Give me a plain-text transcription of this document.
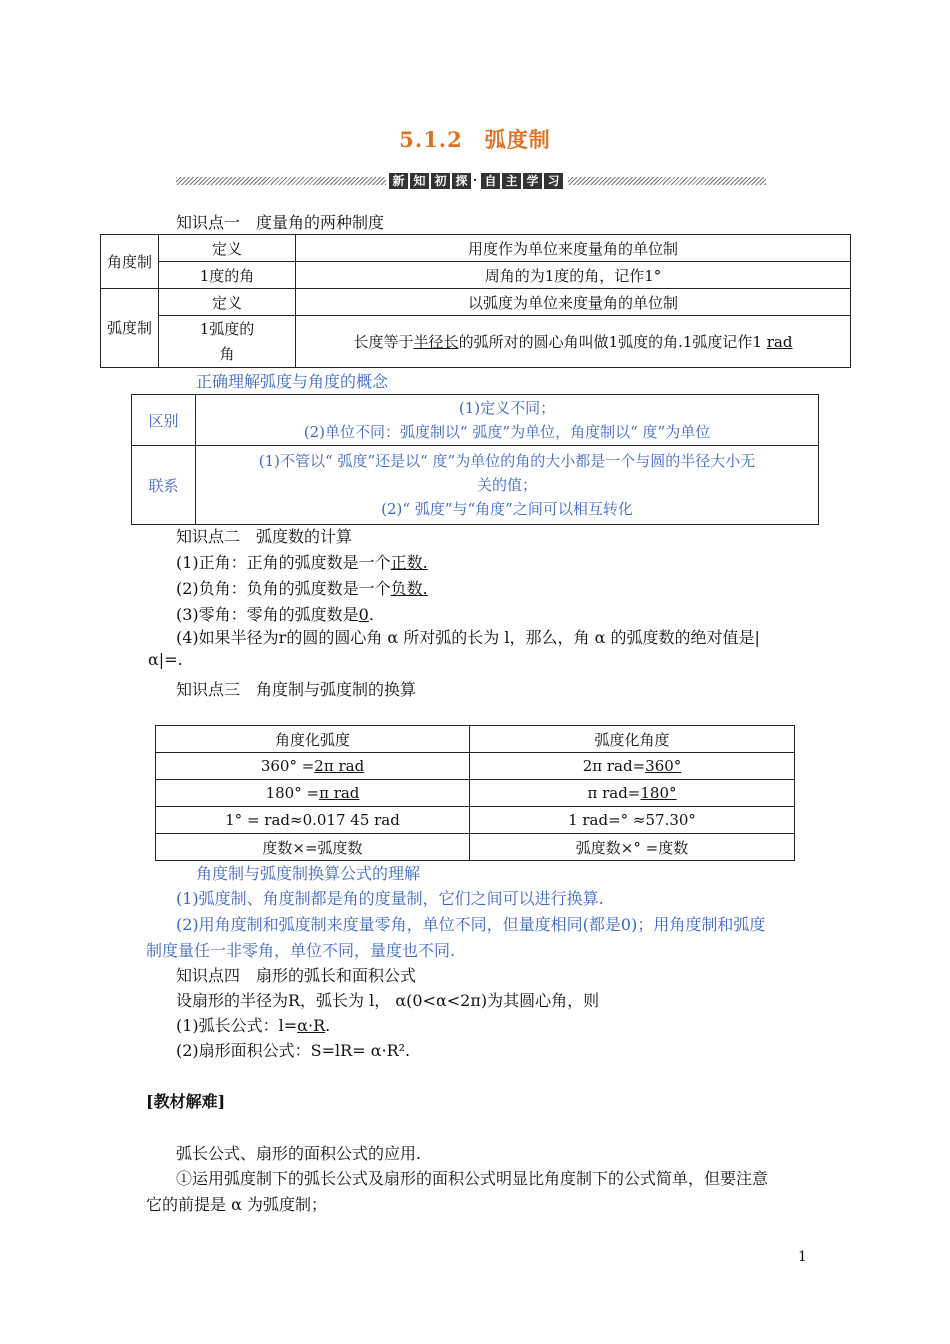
5.1.2　弧度制
新 知 初 探 · 自 主 学 习
知识点一　度量角的两种制度
角度制	定义	用度作为单位来度量角的单位制
	1度的角	周角的为1度的角，记作1°
弧度制	定义	以弧度为单位来度量角的单位制
	1弧度的角	长度等于半径长的弧所对的圆心角叫做1弧度的角.1弧度记作1 rad
正确理解弧度与角度的概念
区别	(1)定义不同；
(2)单位不同：弧度制以“ 弧度”为单位，角度制以“ 度”为单位

联系	(1)不管以“ 弧度”还是以“ 度”为单位的角的大小都是一个与圆的半径大小无
关的值；
(2)“ 弧度”与“角度”之间可以相互转化
知识点二　弧度数的计算
(1)正角：正角的弧度数是一个正数.
(2)负角：负角的弧度数是一个负数.
(3)零角：零角的弧度数是0.
(4)如果半径为r的圆的圆心角 α 所对弧的长为 l，那么，角 α 的弧度数的绝对值是|
α|=.
知识点三　角度制与弧度制的换算
角度化弧度	弧度化角度
360° =2π rad	2π rad=360°
180° =π rad	π rad=180°
1° = rad≈0.017 45 rad	1 rad=° ≈57.30°
度数×=弧度数	弧度数×° =度数
角度制与弧度制换算公式的理解
(1)弧度制、角度制都是角的度量制，它们之间可以进行换算.
(2)用角度制和弧度制来度量零角，单位不同，但量度相同(都是0)；用角度制和弧度
制度量任一非零角，单位不同，量度也不同.
知识点四　扇形的弧长和面积公式
设扇形的半径为R，弧长为 l， α(0<α<2π)为其圆心角，则
(1)弧长公式：l=α·R.
(2)扇形面积公式：S=lR= α·R².
[教材解难]
弧长公式、扇形的面积公式的应用.
①运用弧度制下的弧长公式及扇形的面积公式明显比角度制下的公式简单，但要注意
它的前提是 α 为弧度制；
1
